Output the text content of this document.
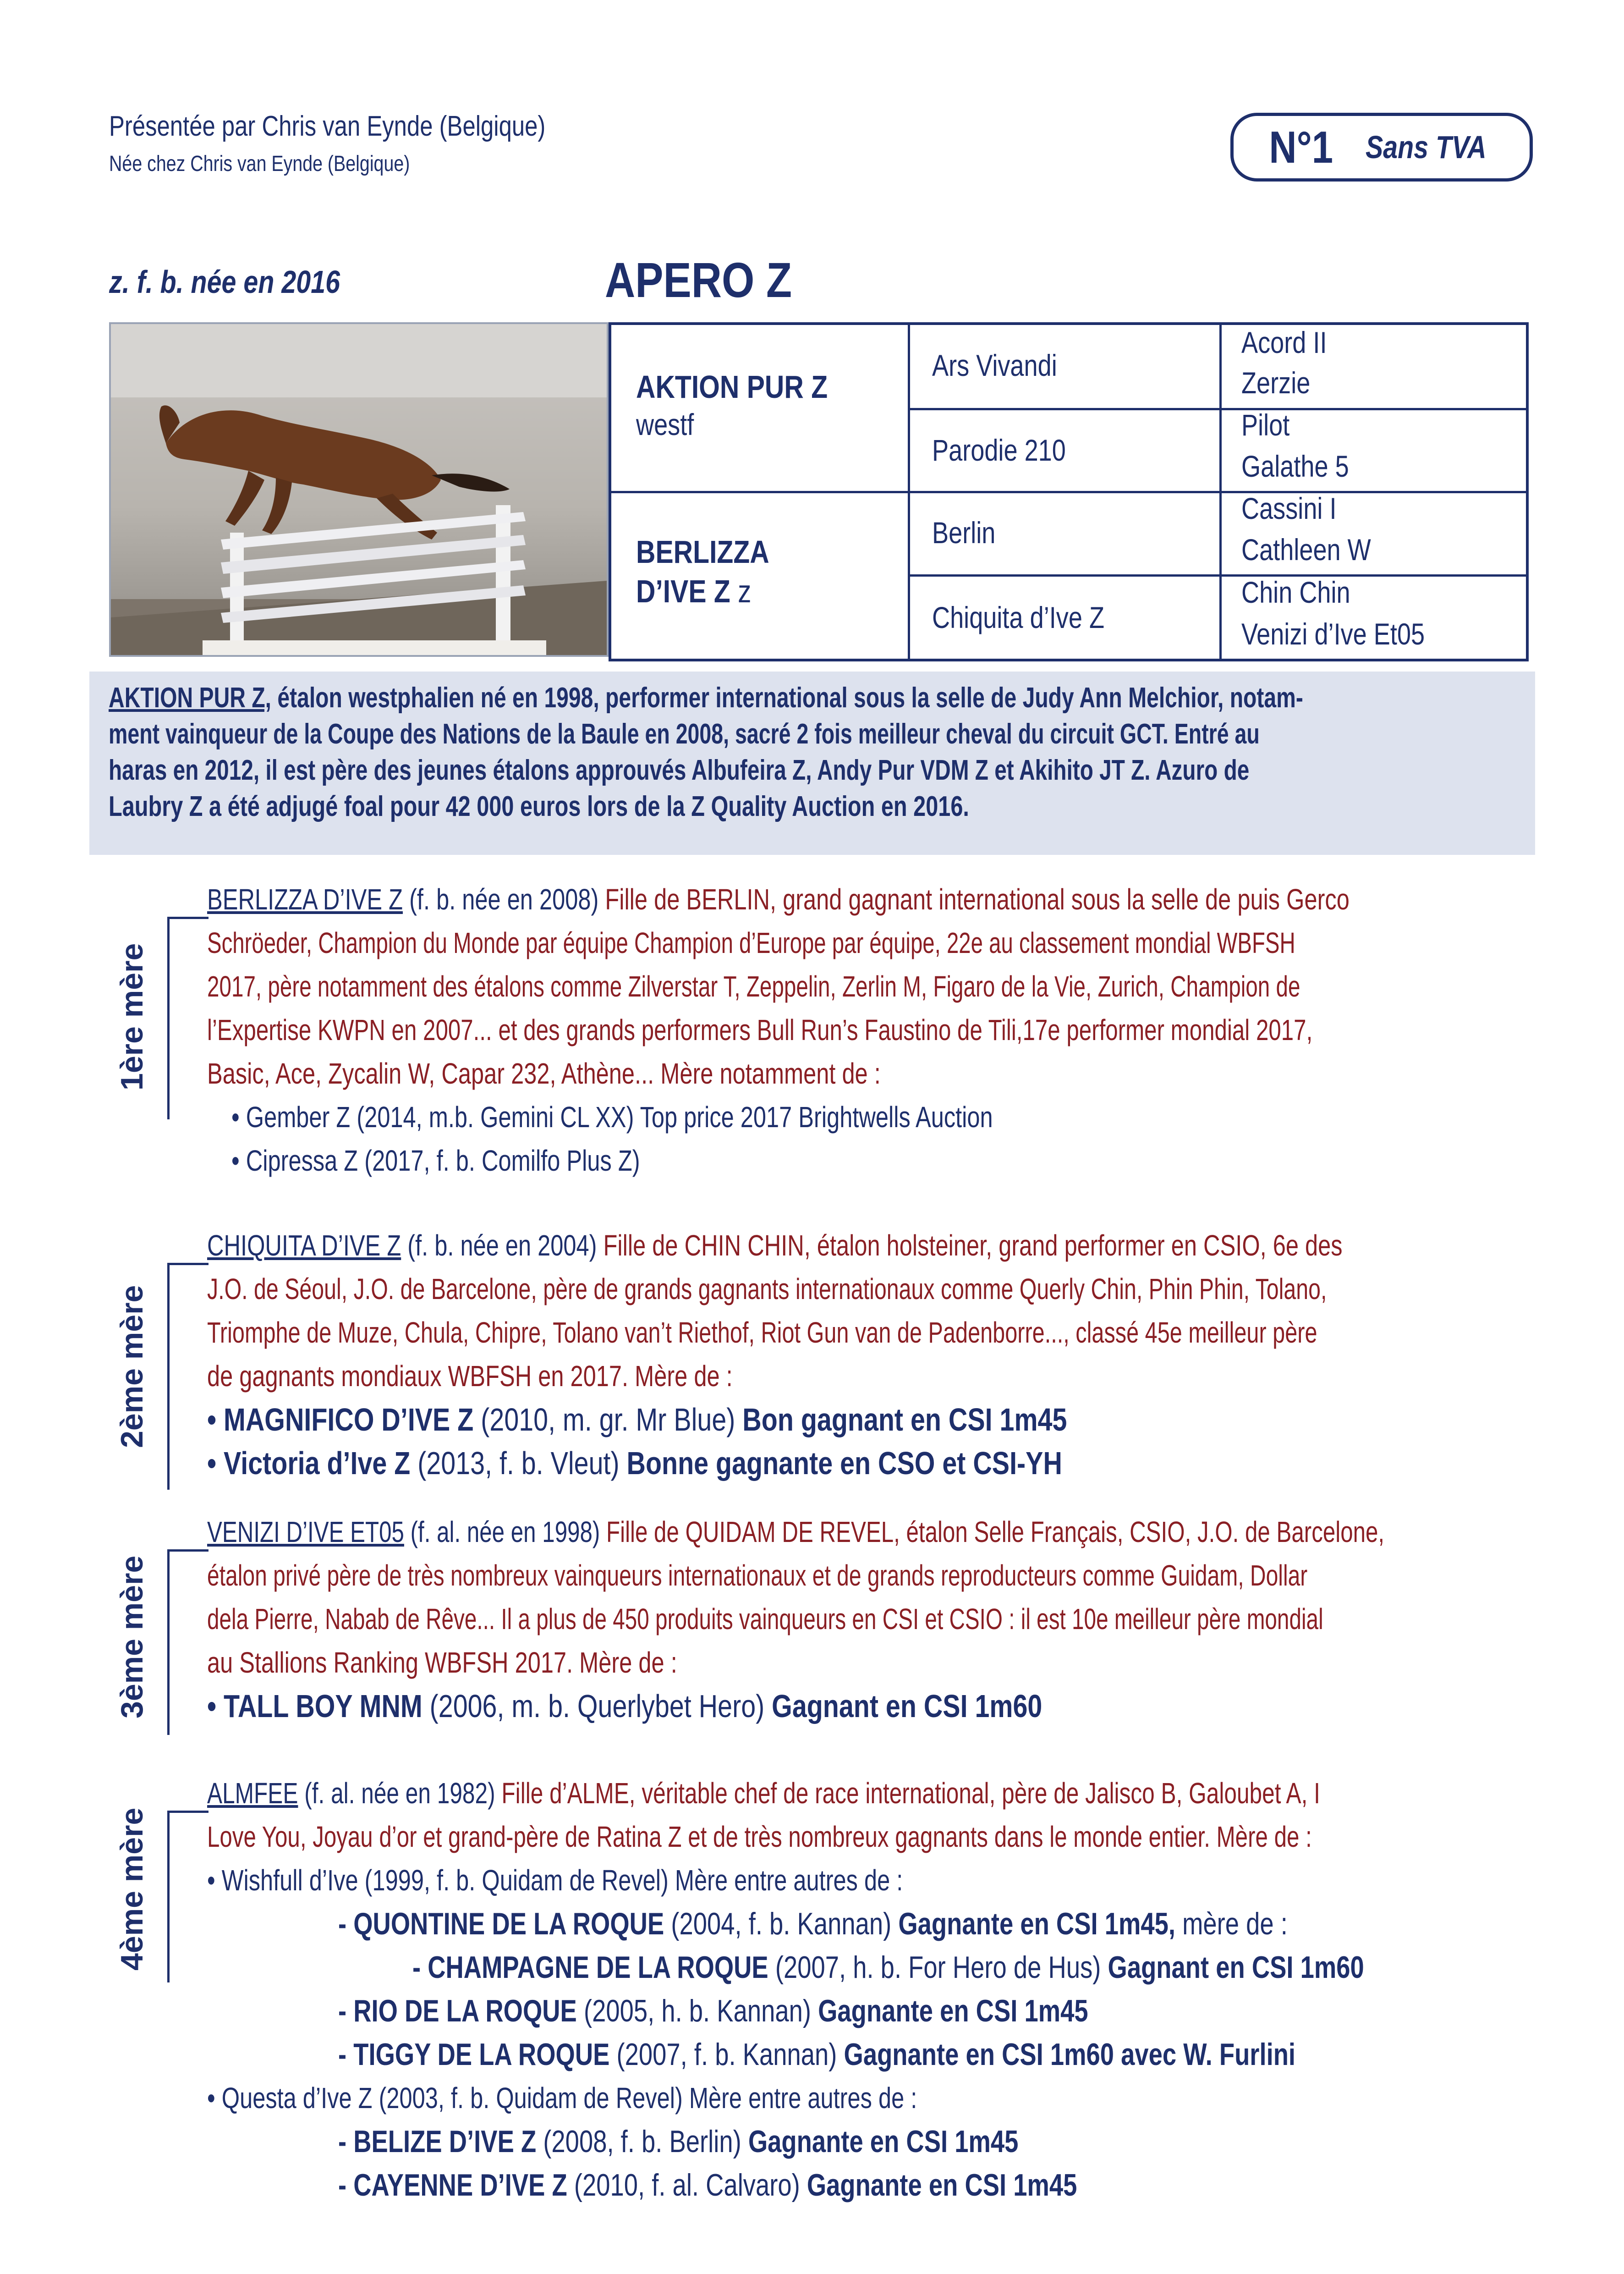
Présentée par Chris van Eynde (Belgique)
Née chez Chris van Eynde (Belgique)	N°1 Sans TVA
z. f. b. née en 2016	APERO Z
AKTION PUR Z
westf
BERLIZZA
D’IVE Z z
Ars Vivandi
Parodie 210
Berlin
Chiquita d’Ive Z
Acord II
Zerzie
Pilot
Galathe 5
Cassini I
Cathleen W
Chin Chin
Venizi d’Ive Et05
AKTION PUR Z, étalon westphalien né en 1998, performer international sous la selle de Judy Ann Melchior, notam-
ment vainqueur de la Coupe des Nations de la Baule en 2008, sacré 2 fois meilleur cheval du circuit GCT. Entré au
haras en 2012, il est père des jeunes étalons approuvés Albufeira Z, Andy Pur VDM Z et Akihito JT Z. Azuro de
Laubry Z a été adjugé foal pour 42 000 euros lors de la Z Quality Auction en 2016.
1ère mère
BERLIZZA D’IVE Z (f. b. née en 2008) Fille de BERLIN, grand gagnant international sous la selle de puis Gerco
Schröeder, Champion du Monde par équipe Champion d’Europe par équipe, 22e au classement mondial WBFSH
2017, père notamment des étalons comme Zilverstar T, Zeppelin, Zerlin M, Figaro de la Vie, Zurich, Champion de
l’Expertise KWPN en 2007... et des grands performers Bull Run’s Faustino de Tili,17e performer mondial 2017,
Basic, Ace, Zycalin W, Capar 232, Athène... Mère notamment de :
• Gember Z (2014, m.b. Gemini CL XX) Top price 2017 Brightwells Auction
• Cipressa Z (2017, f. b. Comilfo Plus Z)
2ème mère
CHIQUITA D’IVE Z (f. b. née en 2004) Fille de CHIN CHIN, étalon holsteiner, grand performer en CSIO, 6e des
J.O. de Séoul, J.O. de Barcelone, père de grands gagnants internationaux comme Querly Chin, Phin Phin, Tolano,
Triomphe de Muze, Chula, Chipre, Tolano van’t Riethof, Riot Gun van de Padenborre..., classé 45e meilleur père
de gagnants mondiaux WBFSH en 2017. Mère de :
• MAGNIFICO D’IVE Z (2010, m. gr. Mr Blue) Bon gagnant en CSI 1m45
• Victoria d’Ive Z (2013, f. b. Vleut) Bonne gagnante en CSO et CSI-YH
3ème mère
VENIZI D’IVE ET05 (f. al. née en 1998) Fille de QUIDAM DE REVEL, étalon Selle Français, CSIO, J.O. de Barcelone,
étalon privé père de très nombreux vainqueurs internationaux et de grands reproducteurs comme Guidam, Dollar
dela Pierre, Nabab de Rêve... Il a plus de 450 produits vainqueurs en CSI et CSIO : il est 10e meilleur père mondial
au Stallions Ranking WBFSH 2017. Mère de :
• TALL BOY MNM (2006, m. b. Querlybet Hero) Gagnant en CSI 1m60
4ème mère
ALMFEE (f. al. née en 1982) Fille d’ALME, véritable chef de race international, père de Jalisco B, Galoubet A, I
Love You, Joyau d’or et grand-père de Ratina Z et de très nombreux gagnants dans le monde entier. Mère de :
• Wishfull d’Ive (1999, f. b. Quidam de Revel) Mère entre autres de :
- QUONTINE DE LA ROQUE (2004, f. b. Kannan) Gagnante en CSI 1m45, mère de :
- CHAMPAGNE DE LA ROQUE (2007, h. b. For Hero de Hus) Gagnant en CSI 1m60
- RIO DE LA ROQUE (2005, h. b. Kannan) Gagnante en CSI 1m45
- TIGGY DE LA ROQUE (2007, f. b. Kannan) Gagnante en CSI 1m60 avec W. Furlini
• Questa d’Ive Z (2003, f. b. Quidam de Revel) Mère entre autres de :
- BELIZE D’IVE Z (2008, f. b. Berlin) Gagnante en CSI 1m45
- CAYENNE D’IVE Z (2010, f. al. Calvaro) Gagnante en CSI 1m45
